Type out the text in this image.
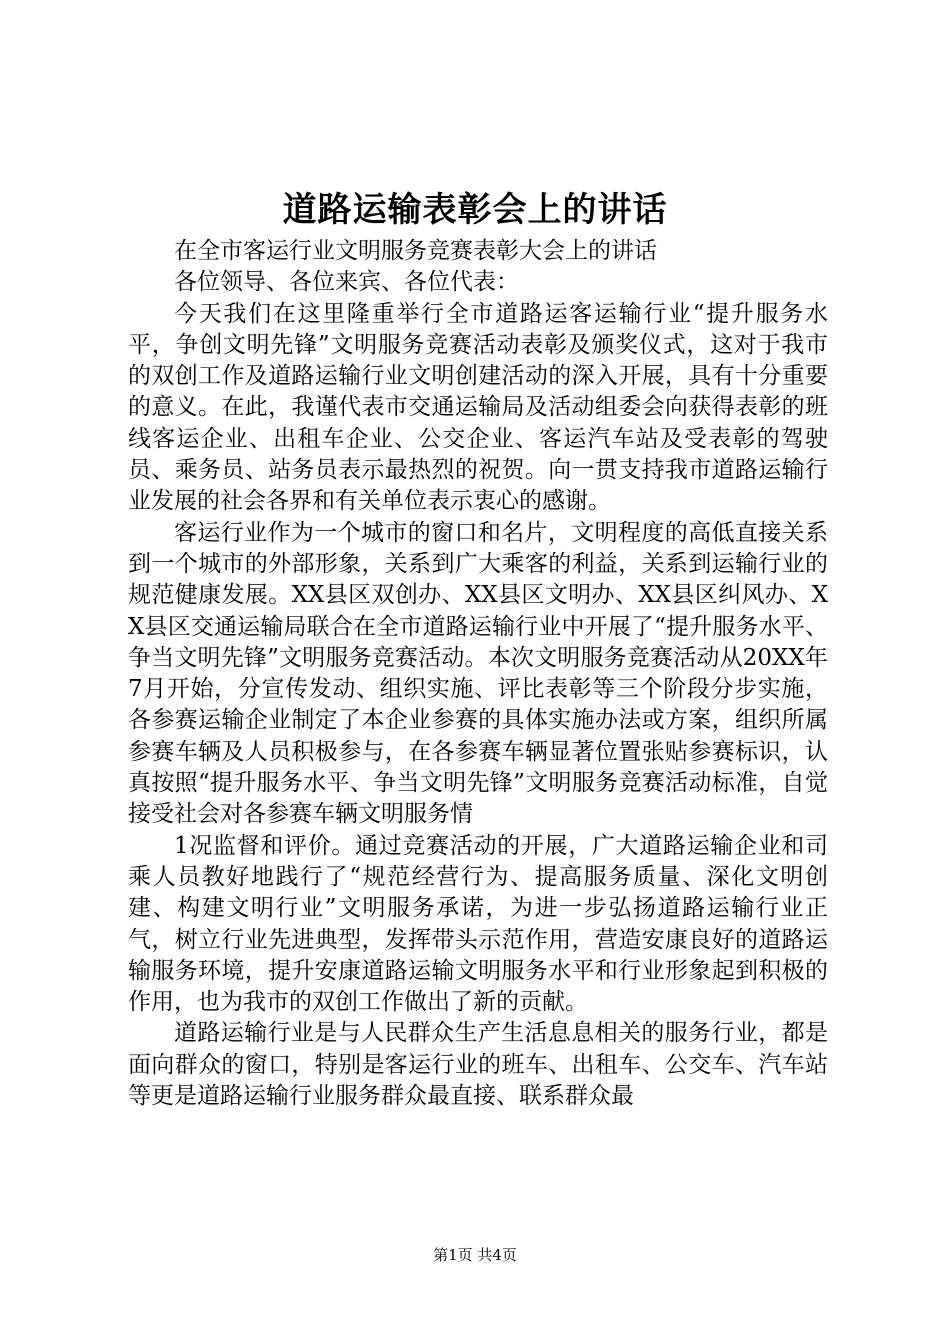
道路运输表彰会上的讲话

在全市客运行业文明服务竞赛表彰大会上的讲话

各位领导、各位来宾、各位代表：

今天我们在这里隆重举行全市道路运客运输行业“提升服务水平，争创文明先锋”文明服务竞赛活动表彰及颁奖仪式，这对于我市的双创工作及道路运输行业文明创建活动的深入开展，具有十分重要的意义。在此，我谨代表市交通运输局及活动组委会向获得表彰的班线客运企业、出租车企业、公交企业、客运汽车站及受表彰的驾驶员、乘务员、站务员表示最热烈的祝贺。向一贯支持我市道路运输行业发展的社会各界和有关单位表示衷心的感谢。

客运行业作为一个城市的窗口和名片，文明程度的高低直接关系到一个城市的外部形象，关系到广大乘客的利益，关系到运输行业的规范健康发展。XX县区双创办、XX县区文明办、XX县区纠风办、XX县区交通运输局联合在全市道路运输行业中开展了“提升服务水平、争当文明先锋”文明服务竞赛活动。本次文明服务竞赛活动从20XX年7月开始，分宣传发动、组织实施、评比表彰等三个阶段分步实施，各参赛运输企业制定了本企业参赛的具体实施办法或方案，组织所属参赛车辆及人员积极参与，在各参赛车辆显著位置张贴参赛标识，认真按照“提升服务水平、争当文明先锋”文明服务竞赛活动标准，自觉接受社会对各参赛车辆文明服务情

1况监督和评价。通过竞赛活动的开展，广大道路运输企业和司乘人员教好地践行了“规范经营行为、提高服务质量、深化文明创建、构建文明行业”文明服务承诺，为进一步弘扬道路运输行业正气，树立行业先进典型，发挥带头示范作用，营造安康良好的道路运输服务环境，提升安康道路运输文明服务水平和行业形象起到积极的作用，也为我市的双创工作做出了新的贡献。

道路运输行业是与人民群众生产生活息息相关的服务行业，都是面向群众的窗口，特别是客运行业的班车、出租车、公交车、汽车站等更是道路运输行业服务群众最直接、联系群众最

第1页 共4页
